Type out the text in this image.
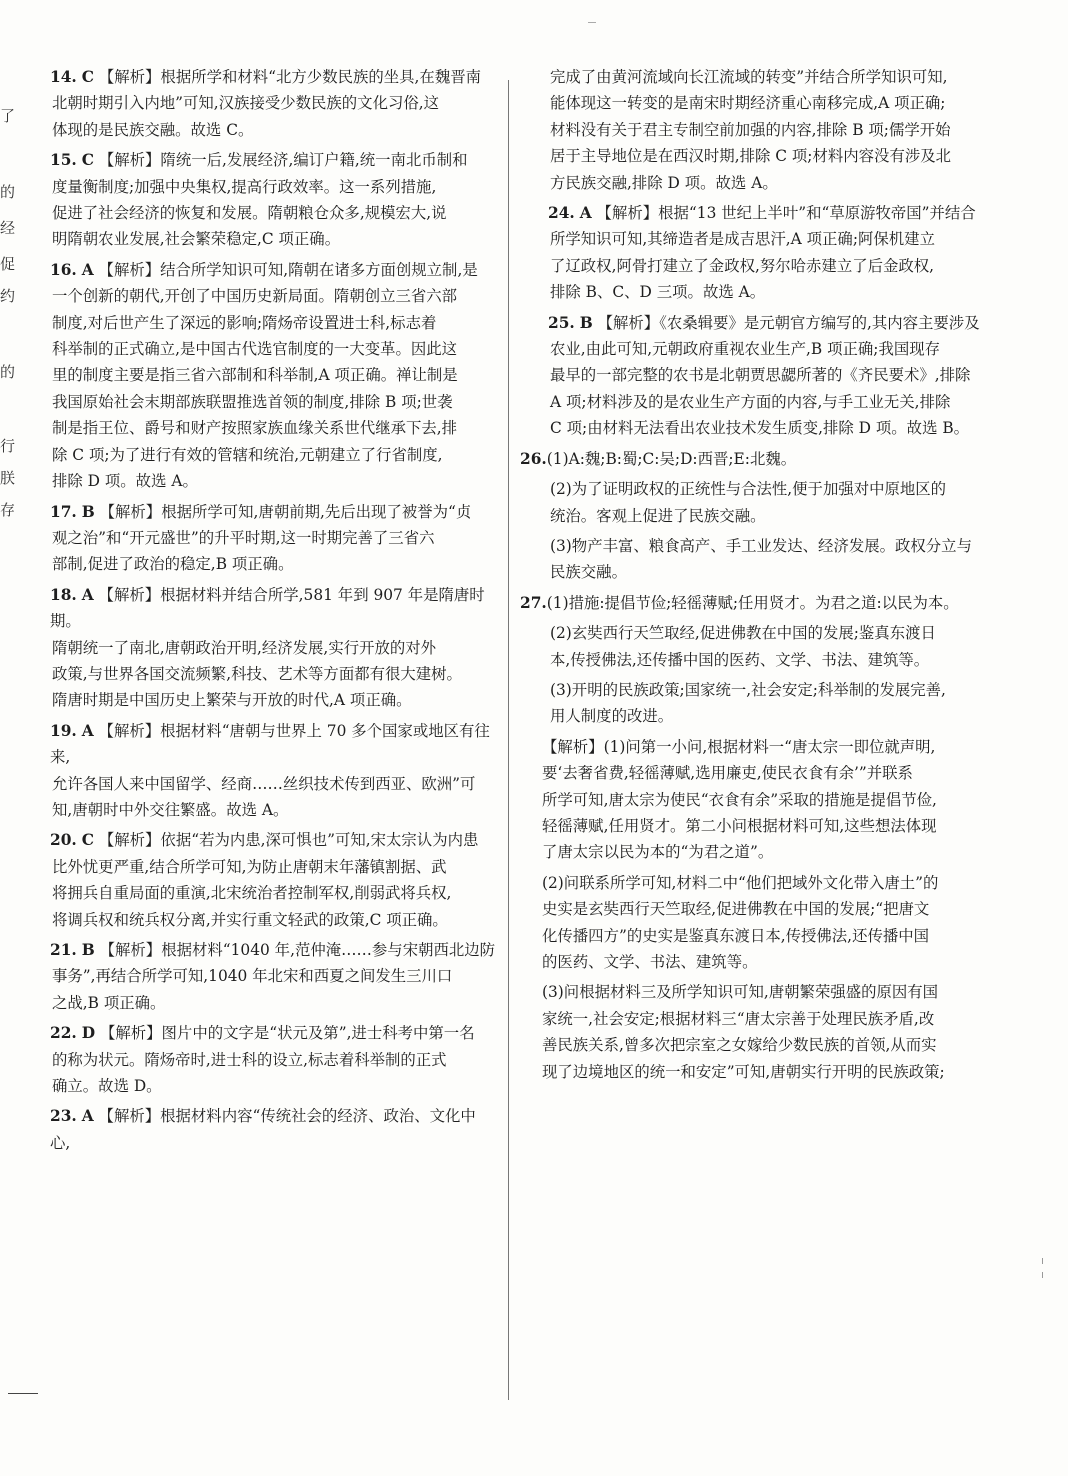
了
的
经
促
约
的
行
朕
存

14. C 【解析】根据所学和材料“北方少数民族的坐具,在魏晋南

北朝时期引入内地”可知,汉族接受少数民族的文化习俗,这

体现的是民族交融。故选 C。

15. C 【解析】隋统一后,发展经济,编订户籍,统一南北币制和

度量衡制度;加强中央集权,提高行政效率。这一系列措施,

促进了社会经济的恢复和发展。隋朝粮仓众多,规模宏大,说

明隋朝农业发展,社会繁荣稳定,C 项正确。

16. A 【解析】结合所学知识可知,隋朝在诸多方面创规立制,是

一个创新的朝代,开创了中国历史新局面。隋朝创立三省六部

制度,对后世产生了深远的影响;隋炀帝设置进士科,标志着

科举制的正式确立,是中国古代选官制度的一大变革。因此这

里的制度主要是指三省六部制和科举制,A 项正确。禅让制是

我国原始社会末期部族联盟推选首领的制度,排除 B 项;世袭

制是指王位、爵号和财产按照家族血缘关系世代继承下去,排

除 C 项;为了进行有效的管辖和统治,元朝建立了行省制度,

排除 D 项。故选 A。

17. B 【解析】根据所学可知,唐朝前期,先后出现了被誉为“贞

观之治”和“开元盛世”的升平时期,这一时期完善了三省六

部制,促进了政治的稳定,B 项正确。

18. A 【解析】根据材料并结合所学,581 年到 907 年是隋唐时期。

隋朝统一了南北,唐朝政治开明,经济发展,实行开放的对外

政策,与世界各国交流频繁,科技、艺术等方面都有很大建树。

隋唐时期是中国历史上繁荣与开放的时代,A 项正确。

19. A 【解析】根据材料“唐朝与世界上 70 多个国家或地区有往来,

允许各国人来中国留学、经商……丝织技术传到西亚、欧洲”可

知,唐朝时中外交往繁盛。故选 A。

20. C 【解析】依据“若为内患,深可惧也”可知,宋太宗认为内患

比外忧更严重,结合所学可知,为防止唐朝末年藩镇割据、武

将拥兵自重局面的重演,北宋统治者控制军权,削弱武将兵权,

将调兵权和统兵权分离,并实行重文轻武的政策,C 项正确。

21. B 【解析】根据材料“1040 年,范仲淹……参与宋朝西北边防

事务”,再结合所学可知,1040 年北宋和西夏之间发生三川口

之战,B 项正确。

22. D 【解析】图片中的文字是“状元及第”,进士科考中第一名

的称为状元。隋炀帝时,进士科的设立,标志着科举制的正式

确立。故选 D。

23. A 【解析】根据材料内容“传统社会的经济、政治、文化中心,

完成了由黄河流域向长江流域的转变”并结合所学知识可知,

能体现这一转变的是南宋时期经济重心南移完成,A 项正确;

材料没有关于君主专制空前加强的内容,排除 B 项;儒学开始

居于主导地位是在西汉时期,排除 C 项;材料内容没有涉及北

方民族交融,排除 D 项。故选 A。

24. A 【解析】根据“13 世纪上半叶”和“草原游牧帝国”并结合

所学知识可知,其缔造者是成吉思汗,A 项正确;阿保机建立

了辽政权,阿骨打建立了金政权,努尔哈赤建立了后金政权,

排除 B、C、D 三项。故选 A。

25. B 【解析】《农桑辑要》是元朝官方编写的,其内容主要涉及

农业,由此可知,元朝政府重视农业生产,B 项正确;我国现存

最早的一部完整的农书是北朝贾思勰所著的《齐民要术》,排除

A 项;材料涉及的是农业生产方面的内容,与手工业无关,排除

C 项;由材料无法看出农业技术发生质变,排除 D 项。故选 B。

26.(1)A:魏;B:蜀;C:吴;D:西晋;E:北魏。

(2)为了证明政权的正统性与合法性,便于加强对中原地区的

统治。客观上促进了民族交融。

(3)物产丰富、粮食高产、手工业发达、经济发展。政权分立与

民族交融。

27.(1)措施:提倡节俭;轻徭薄赋;任用贤才。为君之道:以民为本。

(2)玄奘西行天竺取经,促进佛教在中国的发展;鉴真东渡日

本,传授佛法,还传播中国的医药、文学、书法、建筑等。

(3)开明的民族政策;国家统一,社会安定;科举制的发展完善,

用人制度的改进。

【解析】(1)问第一小问,根据材料一“唐太宗一即位就声明,

要‘去奢省费,轻徭薄赋,选用廉吏,使民衣食有余’”并联系

所学可知,唐太宗为使民“衣食有余”采取的措施是提倡节俭,

轻徭薄赋,任用贤才。第二小问根据材料可知,这些想法体现

了唐太宗以民为本的“为君之道”。

(2)问联系所学可知,材料二中“他们把域外文化带入唐土”的

史实是玄奘西行天竺取经,促进佛教在中国的发展;“把唐文

化传播四方”的史实是鉴真东渡日本,传授佛法,还传播中国

的医药、文学、书法、建筑等。

(3)问根据材料三及所学知识可知,唐朝繁荣强盛的原因有国

家统一,社会安定;根据材料三“唐太宗善于处理民族矛盾,改

善民族关系,曾多次把宗室之女嫁给少数民族的首领,从而实

现了边境地区的统一和安定”可知,唐朝实行开明的民族政策;
